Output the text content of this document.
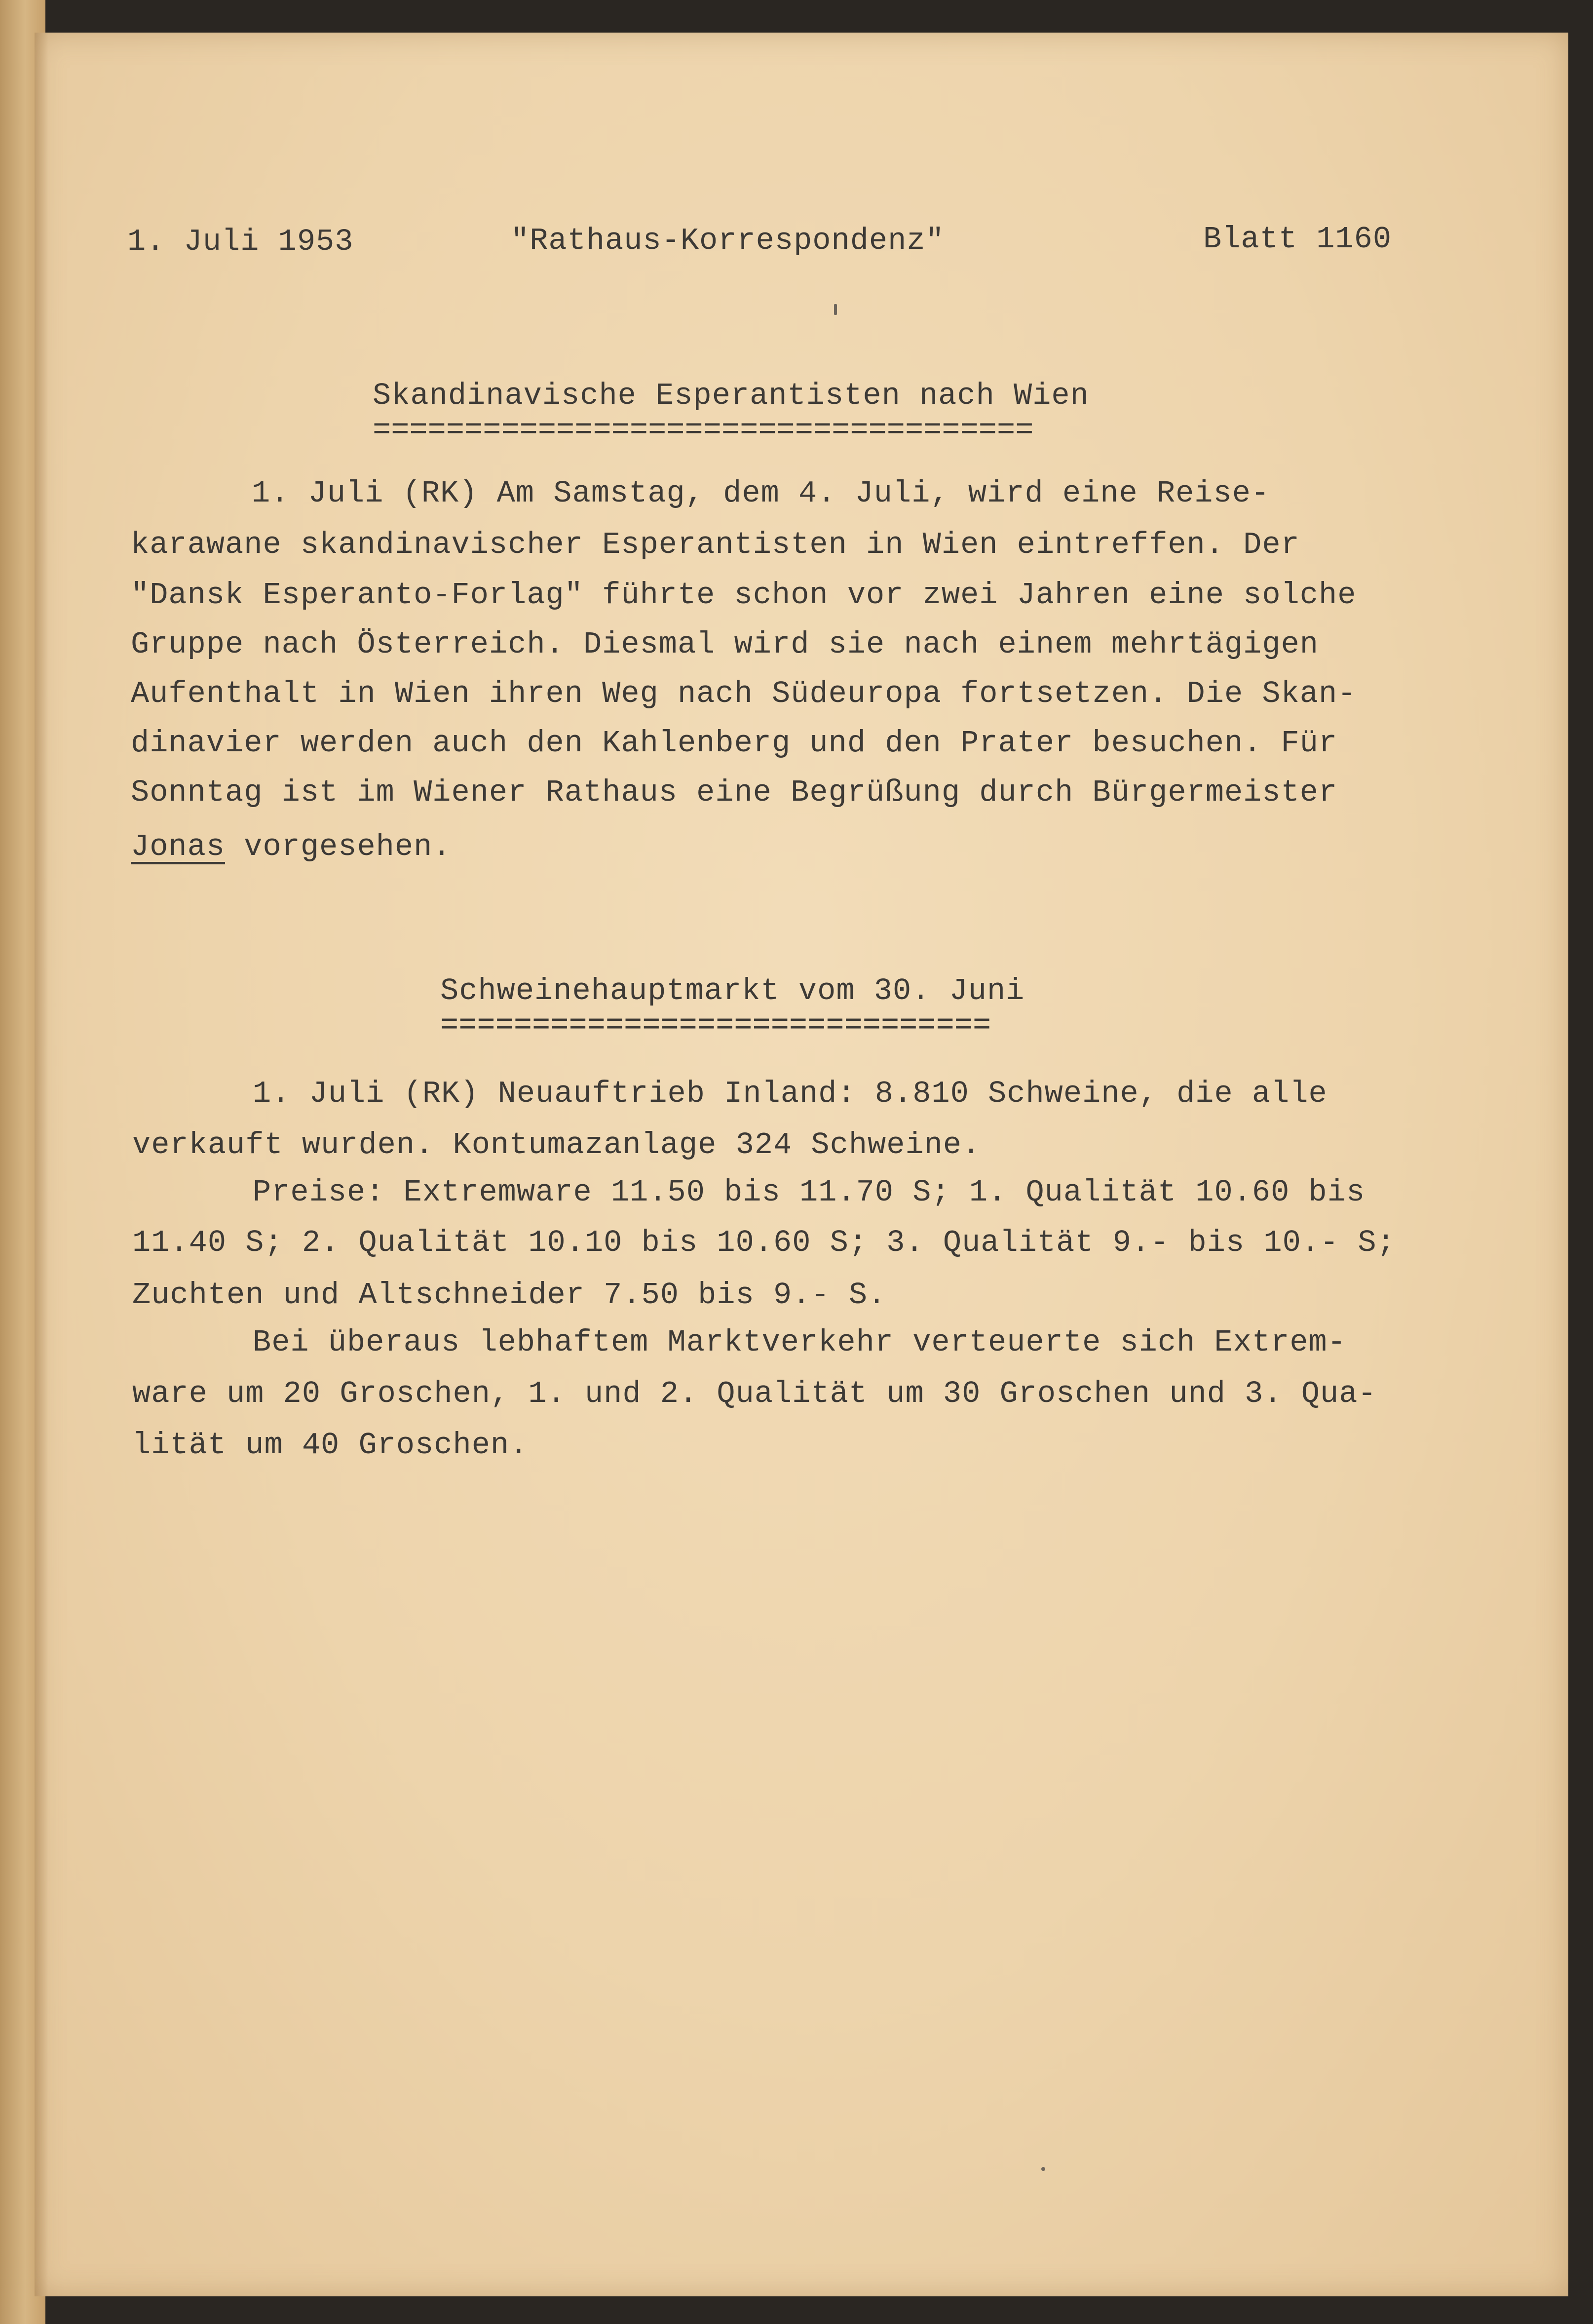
1. Juli 1953	"Rathaus-Korrespondenz"	Blatt 1160

Skandinavische Esperantisten nach Wien

====================================

1. Juli (RK) Am Samstag, dem 4. Juli, wird eine Reise-

karawane skandinavischer Esperantisten in Wien eintreffen. Der

"Dansk Esperanto-Forlag" führte schon vor zwei Jahren eine solche

Gruppe nach Österreich. Diesmal wird sie nach einem mehrtägigen

Aufenthalt in Wien ihren Weg nach Südeuropa fortsetzen. Die Skan-

dinavier werden auch den Kahlenberg und den Prater besuchen. Für

Sonntag ist im Wiener Rathaus eine Begrüßung durch Bürgermeister

Jonas vorgesehen.

Schweinehauptmarkt vom 30. Juni

==============================

1. Juli (RK) Neuauftrieb Inland: 8.810 Schweine, die alle

verkauft wurden. Kontumazanlage 324 Schweine.

Preise: Extremware 11.50 bis 11.70 S; 1. Qualität 10.60 bis

11.40 S; 2. Qualität 10.10 bis 10.60 S; 3. Qualität 9.- bis 10.- S;

Zuchten und Altschneider 7.50 bis 9.- S.

Bei überaus lebhaftem Marktverkehr verteuerte sich Extrem-

ware um 20 Groschen, 1. und 2. Qualität um 30 Groschen und 3. Qua-

lität um 40 Groschen.
